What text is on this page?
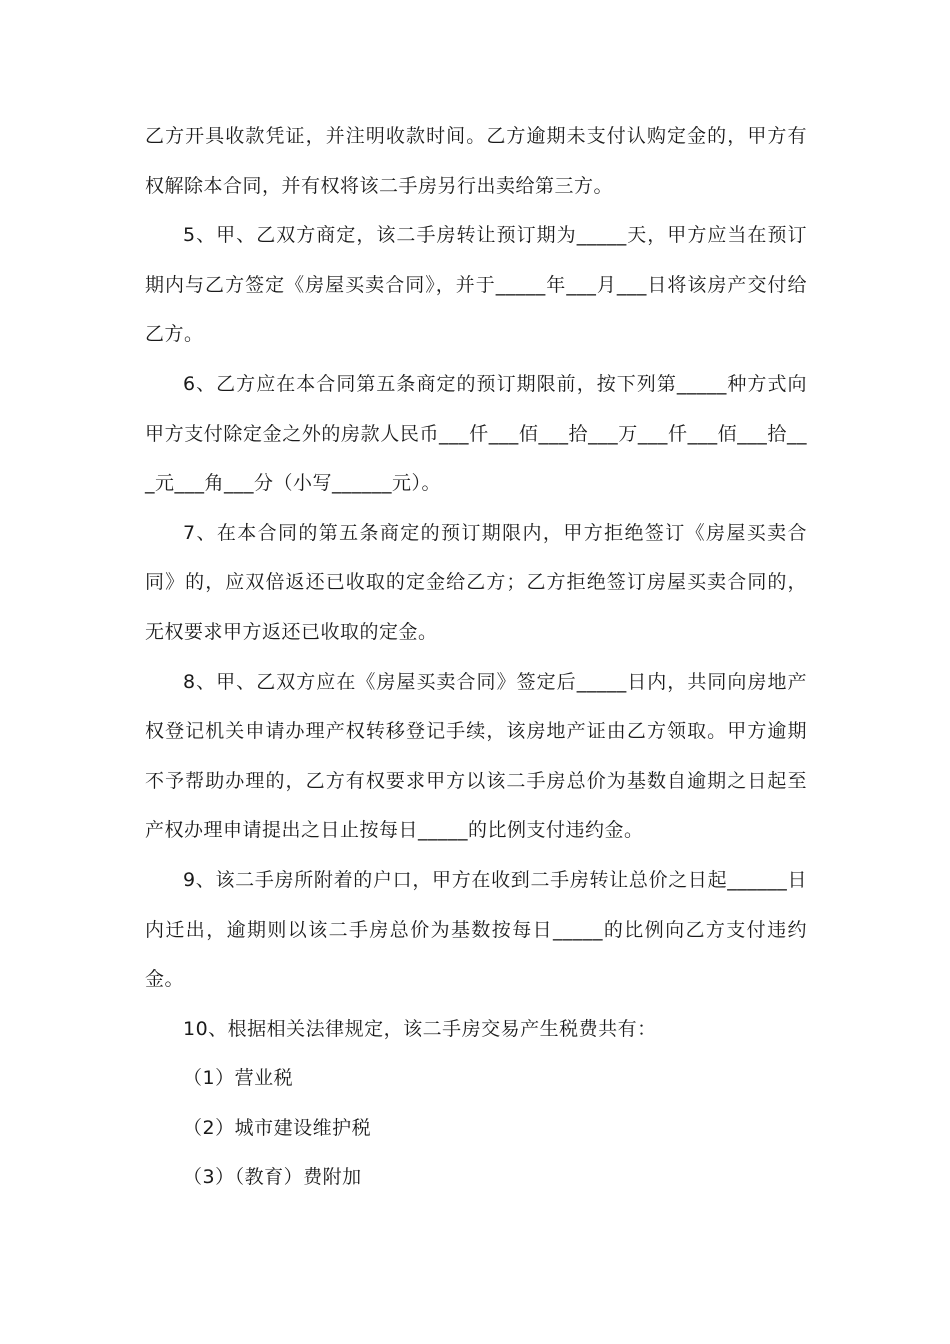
乙方开具收款凭证，并注明收款时间。乙方逾期未支付认购定金的，甲方有权解除本合同，并有权将该二手房另行出卖给第三方。

5、甲、乙双方商定，该二手房转让预订期为_____天，甲方应当在预订期内与乙方签定《房屋买卖合同》，并于_____年___月___日将该房产交付给乙方。

6、乙方应在本合同第五条商定的预订期限前，按下列第_____种方式向甲方支付除定金之外的房款人民币___仟___佰___拾___万___仟___佰___拾___元___角___分（小写______元）。

7、在本合同的第五条商定的预订期限内，甲方拒绝签订《房屋买卖合同》的，应双倍返还已收取的定金给乙方；乙方拒绝签订房屋买卖合同的，无权要求甲方返还已收取的定金。

8、甲、乙双方应在《房屋买卖合同》签定后_____日内，共同向房地产权登记机关申请办理产权转移登记手续，该房地产证由乙方领取。甲方逾期不予帮助办理的，乙方有权要求甲方以该二手房总价为基数自逾期之日起至产权办理申请提出之日止按每日_____的比例支付违约金。

9、该二手房所附着的户口，甲方在收到二手房转让总价之日起______日内迁出，逾期则以该二手房总价为基数按每日_____的比例向乙方支付违约金。

10、根据相关法律规定，该二手房交易产生税费共有：

（1）营业税

（2）城市建设维护税

（3）（教育）费附加
